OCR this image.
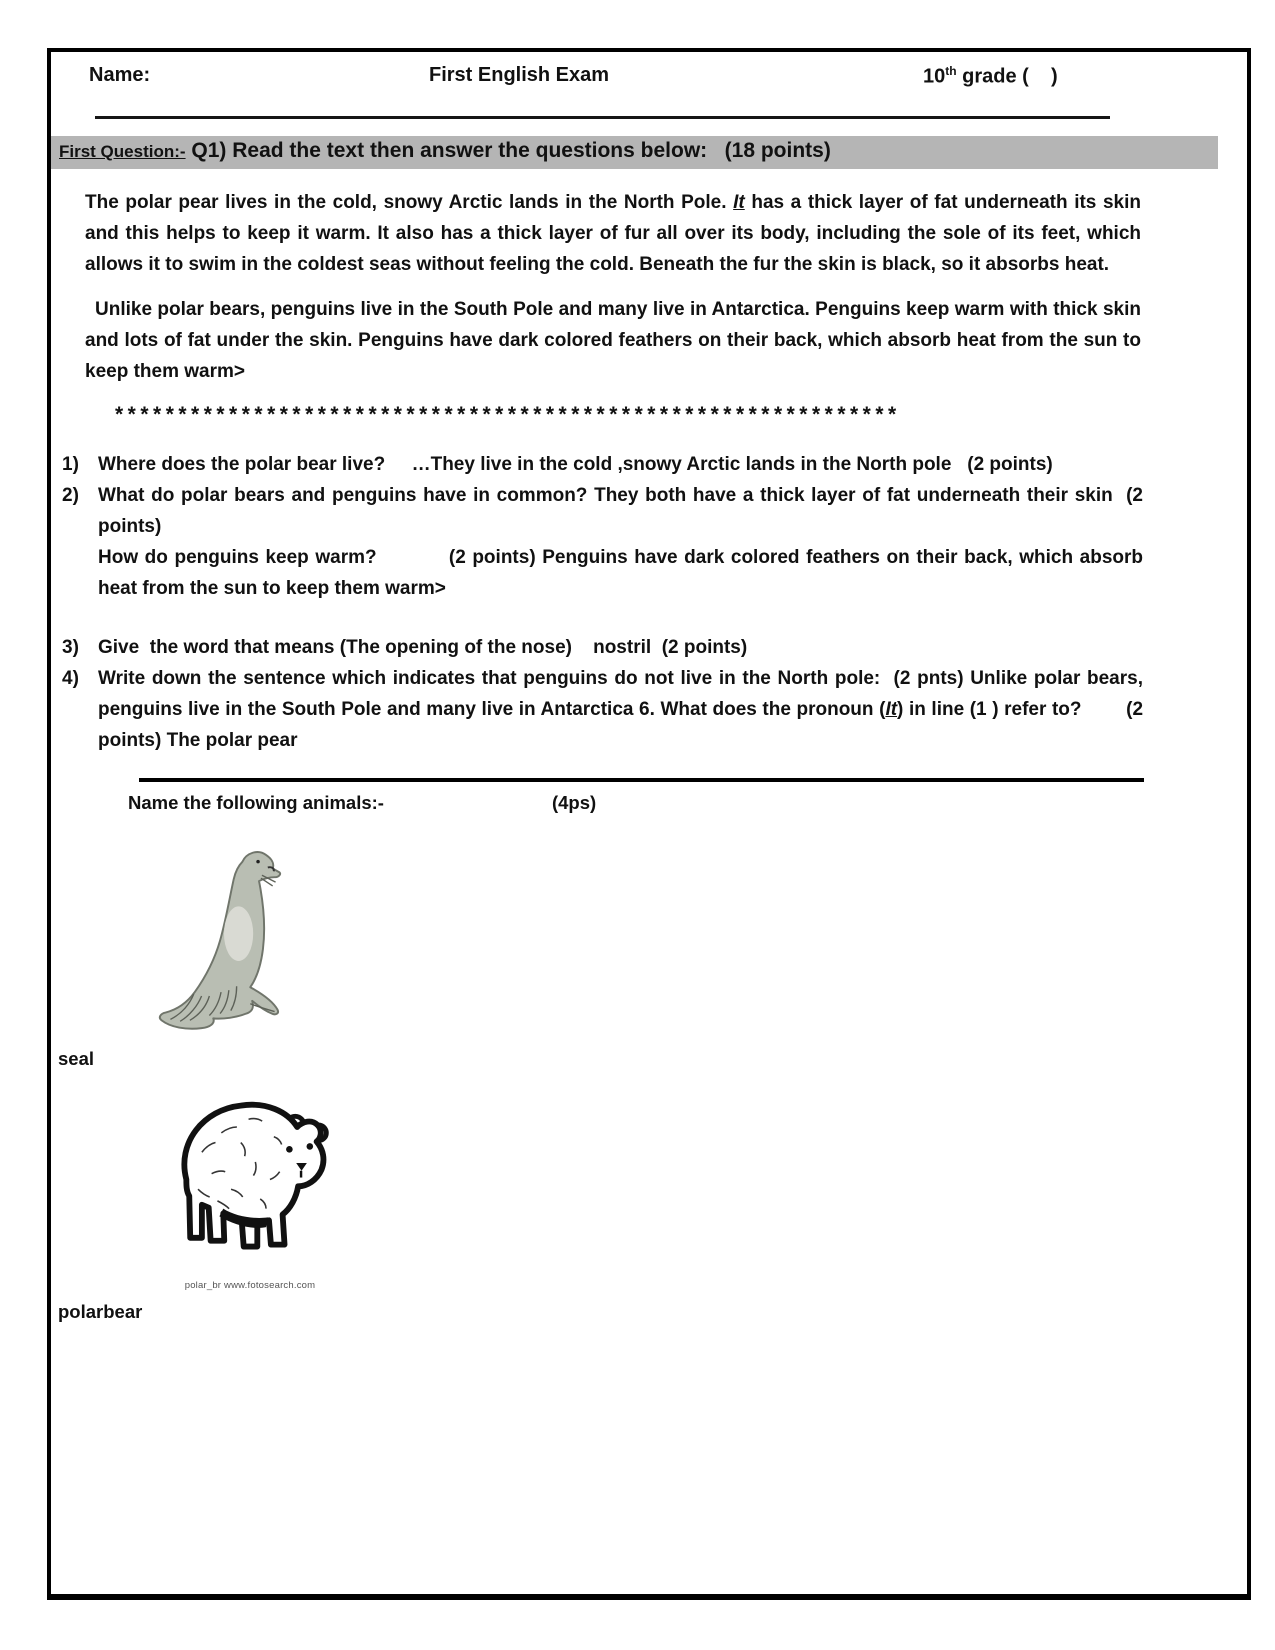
Name:	First English Exam	10th grade (    )
First Question:- Q1) Read the text then answer the questions below:   (18 points)
The polar pear lives in the cold, snowy Arctic lands in the North Pole. It has a thick layer of fat underneath its skin and this helps to keep it warm. It also has a thick layer of fur all over its body, including the sole of its feet, which allows it to swim in the coldest seas without feeling the cold. Beneath the fur the skin is black, so it absorbs heat.
Unlike polar bears, penguins live in the South Pole and many live in Antarctica. Penguins keep warm with thick skin and lots of fat under the skin. Penguins have dark colored feathers on their back, which absorb heat from the sun to keep them warm>
**************************************************************
1)	Where does the polar bear live?     …They live in the cold ,snowy Arctic lands in the North pole   (2 points)
2)	What do polar bears and penguins have in common? They both have a thick layer of fat underneath their skin  (2 points)
How do penguins keep warm?           (2 points) Penguins have dark colored feathers on their back, which absorb heat from the sun to keep them warm>
3)	Give  the word that means (The opening of the nose)    nostril  (2 points)
4)	Write down the sentence which indicates that penguins do not live in the North pole:  (2 pnts) Unlike polar bears, penguins live in the South Pole and many live in Antarctica 6. What does the pronoun (It) in line (1 ) refer to?        (2 points) The polar pear
Name the following animals:-	(4ps)
seal
polar_br www.fotosearch.com
polarbear
